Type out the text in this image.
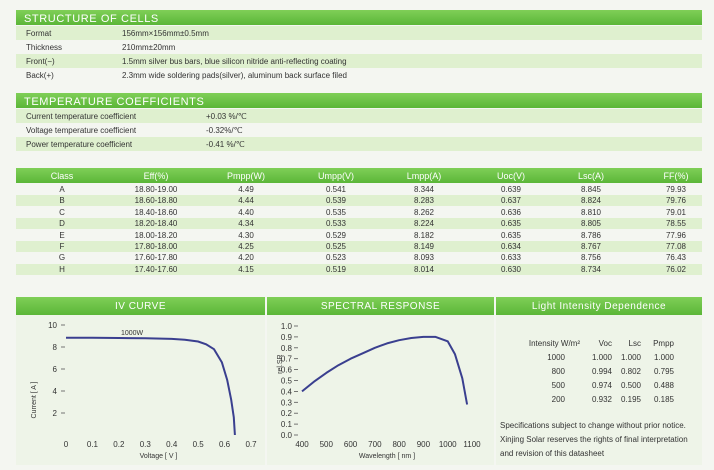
STRUCTURE OF CELLS
Format	156mm×156mm±0.5mm
Thickness	210mm±20mm
Front(−)	1.5mm silver bus bars, blue silicon nitride anti-reflecting coating
Back(+)	2.3mm wide soldering pads(silver), aluminum back surface filed
TEMPERATURE COEFFICIENTS
Current temperature coefficient	+0.03 %/℃
Voltage temperature coefficient	-0.32%/℃
Power temperature coefficient	-0.41 %/℃
Class	Eff(%)	Pmpp(W)	Umpp(V)	Lmpp(A)	Uoc(V)	Lsc(A)	FF(%)
A	18.80-19.00	4.49	0.541	8.344	0.639	8.845	79.93
B	18.60-18.80	4.44	0.539	8.283	0.637	8.824	79.76
C	18.40-18.60	4.40	0.535	8.262	0.636	8.810	79.01
D	18.20-18.40	4.34	0.533	8.224	0.635	8.805	78.55
E	18.00-18.20	4.30	0.529	8.182	0.635	8.786	77.96
F	17.80-18.00	4.25	0.525	8.149	0.634	8.767	77.08
G	17.60-17.80	4.20	0.523	8.093	0.633	8.756	76.43
H	17.40-17.60	4.15	0.519	8.014	0.630	8.734	76.02
IV CURVE	SPECTRAL RESPONSE	Light Intensity Dependence
2
4
6
8
10
0 0.1 0.2 0.3 0.4 0.5 0.6 0.7
Voltage [ V ]
Current [ A ]
1000W
0.0
0.1
0.2
0.3
0.4
0.5
0.6
0.7
0.8
0.9
1.0
400 500 600 700 800 900 1000 1100
Wavelength [ nm ]
rel.SR
Intensity W/m²	Voc	Lsc	Pmpp
1000	1.000	1.000	1.000
800	0.994	0.802	0.795
500	0.974	0.500	0.488
200	0.932	0.195	0.185
Specifications subject to change without prior notice.
Xinjing Solar reserves the rights of final interpretation
and revision of this datasheet
